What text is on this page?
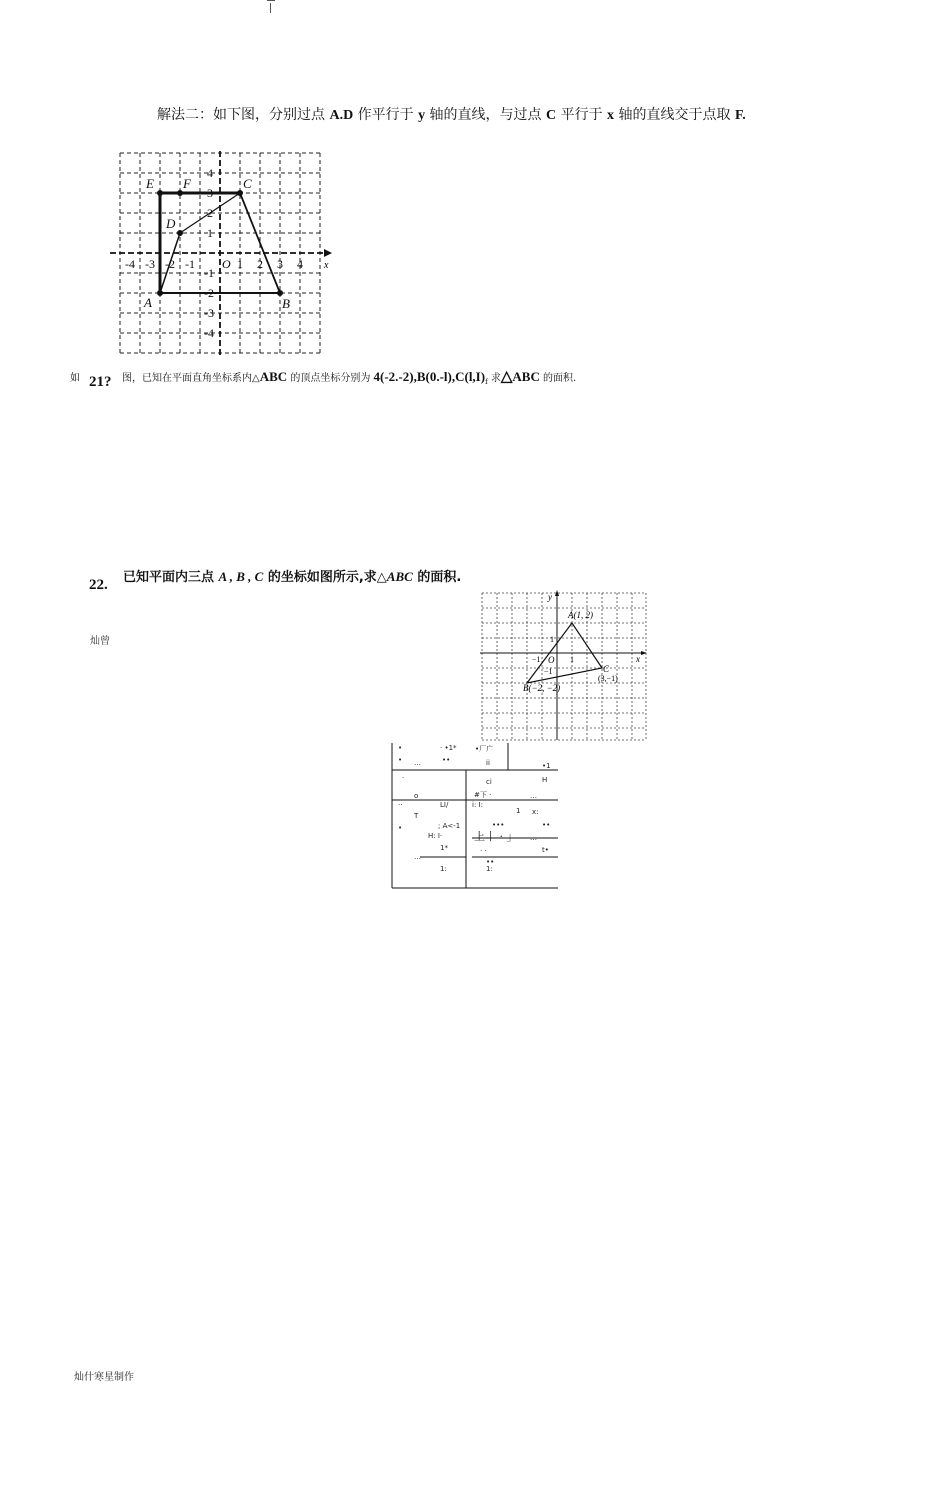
解法二：如下图，分别过点 A.D 作平行于 y 轴的直线，与过点 C 平行于 x 轴的直线交于点取 F.
x
4
3
2
1
-1
-2
-3
-4
-4 -3 -2 -1	1 2 3 4
O
E F	C
D
A	B
如 21? 图，已知在平面直角坐标系内△ABC 的顶点坐标分别为 $4(-2.-2),B(0.-l),C(l,I)_f$ 求△ABC 的面积.
22. 已知平面内三点 A , B , C 的坐标如图所示,求△ABC 的面积.
灿曾
y
x
O
−1	1
1
−1
A(1, 2)
B(−2, −2)
C
(3,−1)
•
•
· •1*	•厂广
…	••	ii	•1
·	ci	H
o	#下 ·	…
··	LI/	i: I:
1 x:
T
; A<-1	•••	••
•
H: I·	上丨 · 」 …
1*	· ·	t•
…
••
1:	1:
灿什寒星制作
